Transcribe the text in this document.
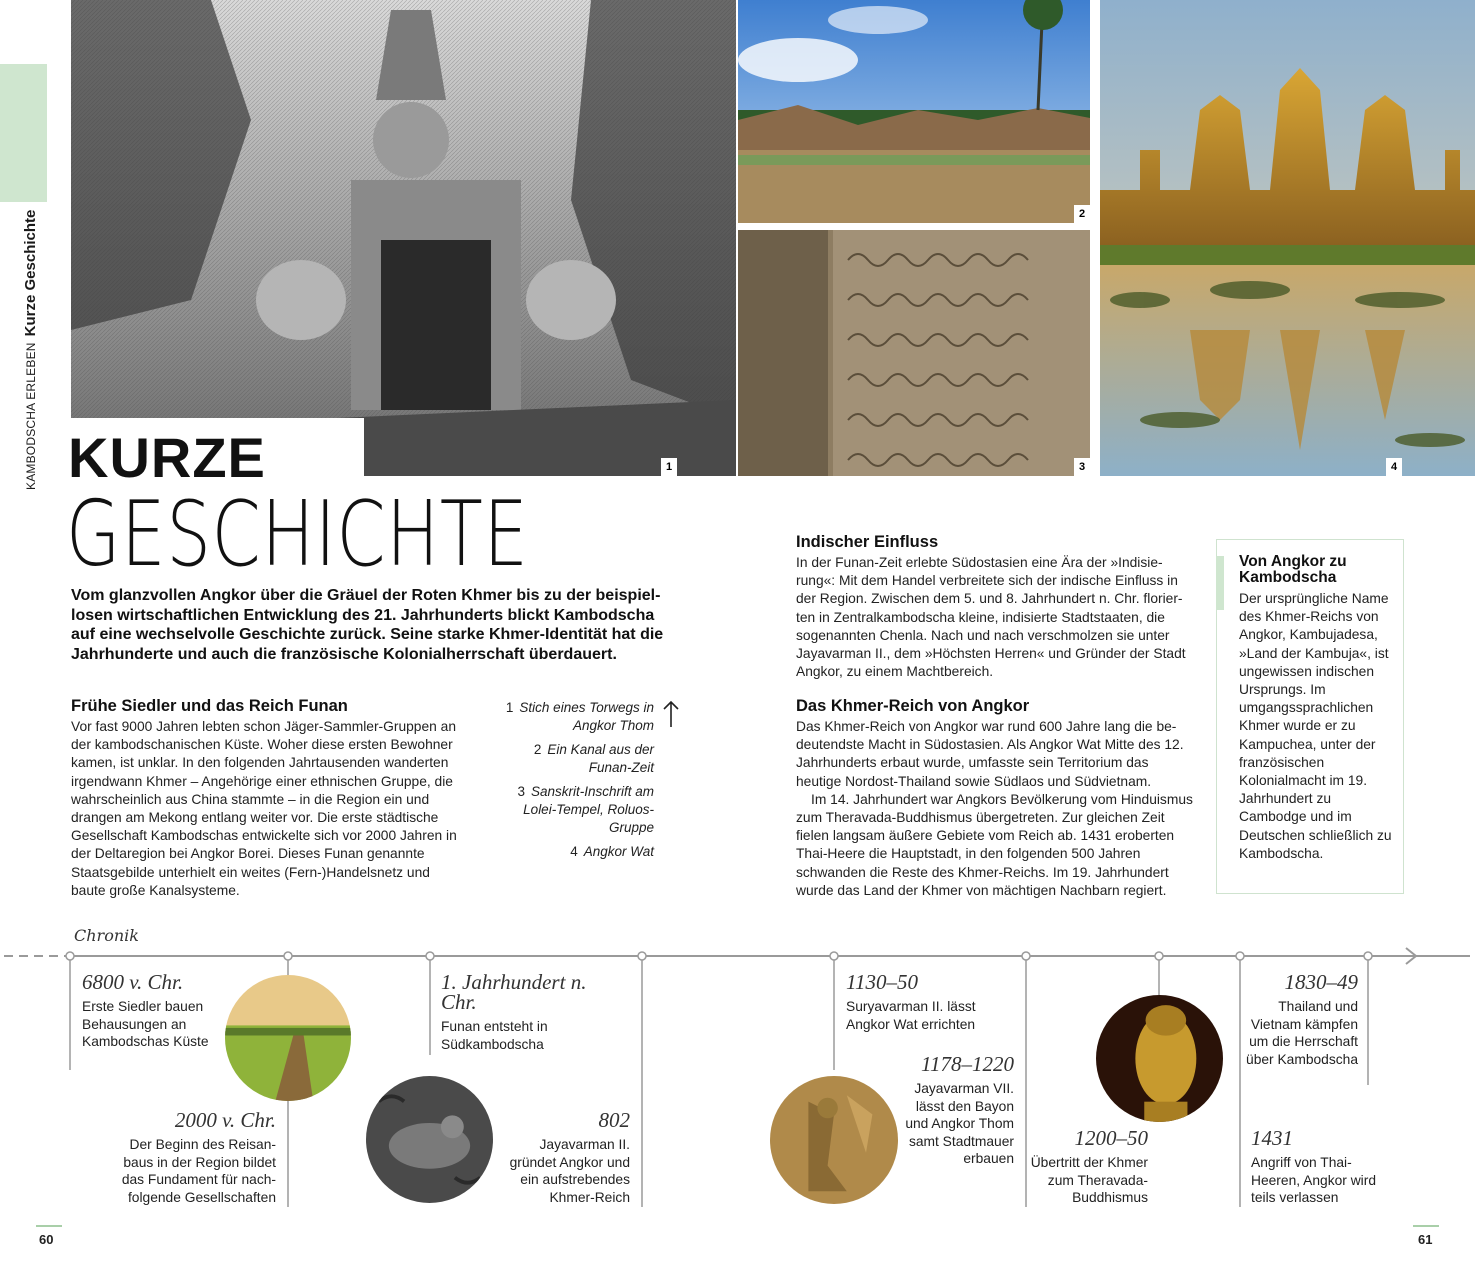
KAMBODSCHA ERLEBENKurze Geschichte
1
2
3	4
KURZE
GESCHICHTE
Vom glanzvollen Angkor über die Gräuel der Roten Khmer bis zu der beispiellosen wirtschaftlichen Entwicklung des 21. Jahrhunderts blickt Kambodscha auf eine wechselvolle Geschichte zurück. Seine starke Khmer-Identität hat die Jahrhunderte und auch die französische Kolonialherrschaft überdauert.
Frühe Siedler und das Reich Funan

Vor fast 9000 Jahren lebten schon Jäger-Sammler-Gruppen an der kambodschanischen Küste. Woher diese ersten Bewohner kamen, ist unklar. In den folgenden Jahrtausenden wanderten irgendwann Khmer – Angehörige einer ethnischen Gruppe, die wahrscheinlich aus China stammte – in die Region ein und drangen am Mekong entlang weiter vor. Die erste städtische Gesellschaft Kambodschas entwickelte sich vor 2000 Jahren in der Deltaregion bei Angkor Borei. Dieses Funan genannte Staatsgebilde unterhielt ein weites (Fern-)Handelsnetz und baute große Kanalsysteme.

1 Stich eines Torwegs in Angkor Thom
2 Ein Kanal aus der Funan-Zeit
3 Sanskrit-Inschrift am Lolei-Tempel, Roluos-Gruppe
4 Angkor Wat
Indischer Einfluss

In der Funan-Zeit erlebte Südostasien eine Ära der »Indisierung«: Mit dem Handel verbreitete sich der indische Einfluss in der Region. Zwischen dem 5. und 8. Jahrhundert n. Chr. florierten in Zentralkambodscha kleine, indisierte Stadtstaaten, die sogenannten Chenla. Nach und nach verschmolzen sie unter Jayavarman II., dem »Höchsten Herren« und Gründer der Stadt Angkor, zu einem Machtbereich.

Das Khmer-Reich von Angkor

Das Khmer-Reich von Angkor war rund 600 Jahre lang die bedeutendste Macht in Südostasien. Als Angkor Wat Mitte des 12. Jahrhunderts erbaut wurde, umfasste sein Territorium das heutige Nordost-Thailand sowie Südlaos und Südvietnam.

Im 14. Jahrhundert war Angkors Bevölkerung vom Hinduismus zum Theravada-Buddhismus übergetreten. Zur gleichen Zeit fielen langsam äußere Gebiete vom Reich ab. 1431 eroberten Thai-Heere die Hauptstadt, in den folgenden 500 Jahren schwanden die Reste des Khmer-Reichs. Im 19. Jahrhundert wurde das Land der Khmer von mächtigen Nachbarn regiert.

Von Angkor zu Kambodscha

Der ursprüngliche Name des Khmer-Reichs von Angkor, Kambujadesa, »Land der Kambuja«, ist ungewissen indischen Ursprungs. Im umgangssprachlichen Khmer wurde er zu Kampuchea, unter der französischen Kolonialmacht im 19. Jahrhundert zu Cambodge und im Deutschen schließlich zu Kambodscha.

Chronik
6800 v. Chr.
Erste Siedler bauen Behausungen an Kambodschas Küste
2000 v. Chr.
Der Beginn des Reisanbaus in der Region bildet das Fundament für nachfolgende Gesellschaften
1. Jahrhundert n. Chr.
Funan entsteht in Südkambodscha
802
Jayavarman II. gründet Angkor und ein aufstrebendes Khmer-Reich
1130–50
Suryavarman II. lässt Angkor Wat errichten
1178–1220
Jayavarman VII. lässt den Bayon und Angkor Thom samt Stadtmauer erbauen
1200–50
Übertritt der Khmer zum Theravada-Buddhismus
1830–49
Thailand und Vietnam kämpfen um die Herrschaft über Kambodscha
1431
Angriff von Thai-Heeren, Angkor wird teils verlassen
60	61
